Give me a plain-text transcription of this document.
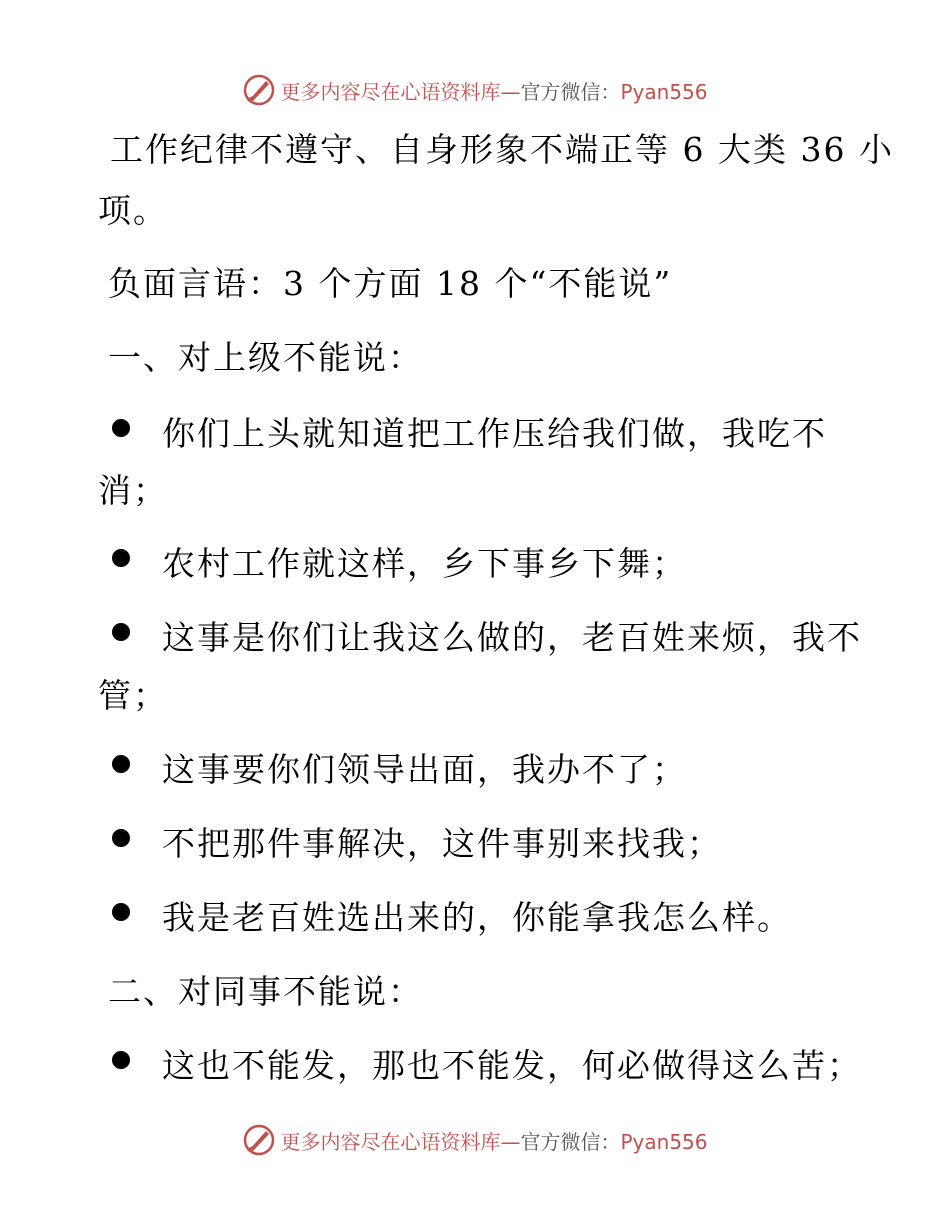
更多内容尽在心语资料库—官方微信：Pyan556
工作纪律不遵守、自身形象不端正等 6 大类 36 小
项。
负面言语：3 个方面 18 个“不能说”
一、对上级不能说：
你们上头就知道把工作压给我们做，我吃不
消；
农村工作就这样，乡下事乡下舞；
这事是你们让我这么做的，老百姓来烦，我不
管；
这事要你们领导出面，我办不了；
不把那件事解决，这件事别来找我；
我是老百姓选出来的，你能拿我怎么样。
二、对同事不能说：
这也不能发，那也不能发，何必做得这么苦；
更多内容尽在心语资料库—官方微信：Pyan556
